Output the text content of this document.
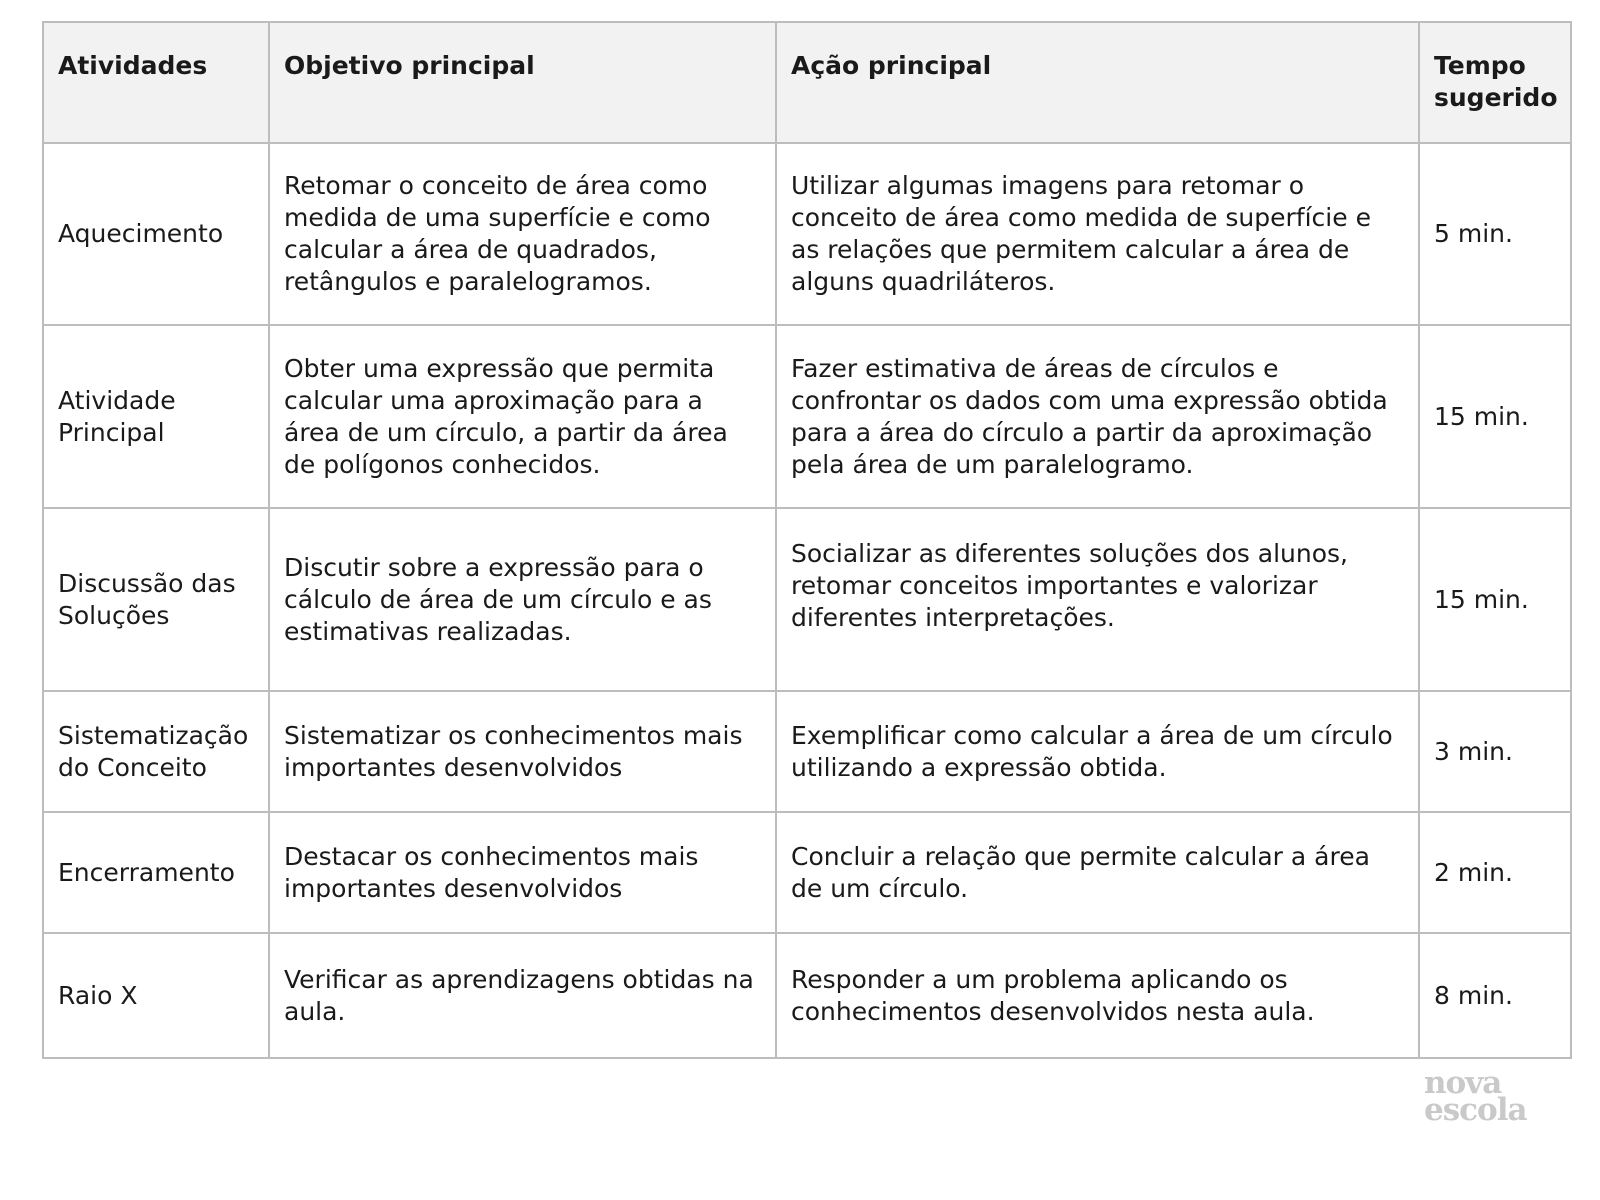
Atividades	Objetivo principal	Ação principal	Tempo sugerido
Aquecimento	Retomar o conceito de área como medida de uma superfície e como calcular a área de quadrados, retângulos e paralelogramos.	Utilizar algumas imagens para retomar o conceito de área como medida de superfície e as relações que permitem calcular a área de alguns quadriláteros.	5 min.
Atividade Principal	Obter uma expressão que permita calcular uma aproximação para a área de um círculo, a partir da área de polígonos conhecidos.	Fazer estimativa de áreas de círculos e confrontar os dados com uma expressão obtida para a área do círculo a partir da aproximação pela área de um paralelogramo.	15 min.
Discussão das Soluções	Discutir sobre a expressão para o cálculo de área de um círculo e as estimativas realizadas.	Socializar as diferentes soluções dos alunos, retomar conceitos importantes e valorizar diferentes interpretações.	15 min.
Sistematização do Conceito	Sistematizar os conhecimentos mais importantes desenvolvidos	Exemplificar como calcular a área de um círculo utilizando a expressão obtida.	3 min.
Encerramento	Destacar os conhecimentos mais importantes desenvolvidos	Concluir a relação que permite calcular a área de um círculo.	2 min.
Raio X	Verificar as aprendizagens obtidas na aula.	Responder a um problema aplicando os conhecimentos desenvolvidos nesta aula.	8 min.
nova
escola
